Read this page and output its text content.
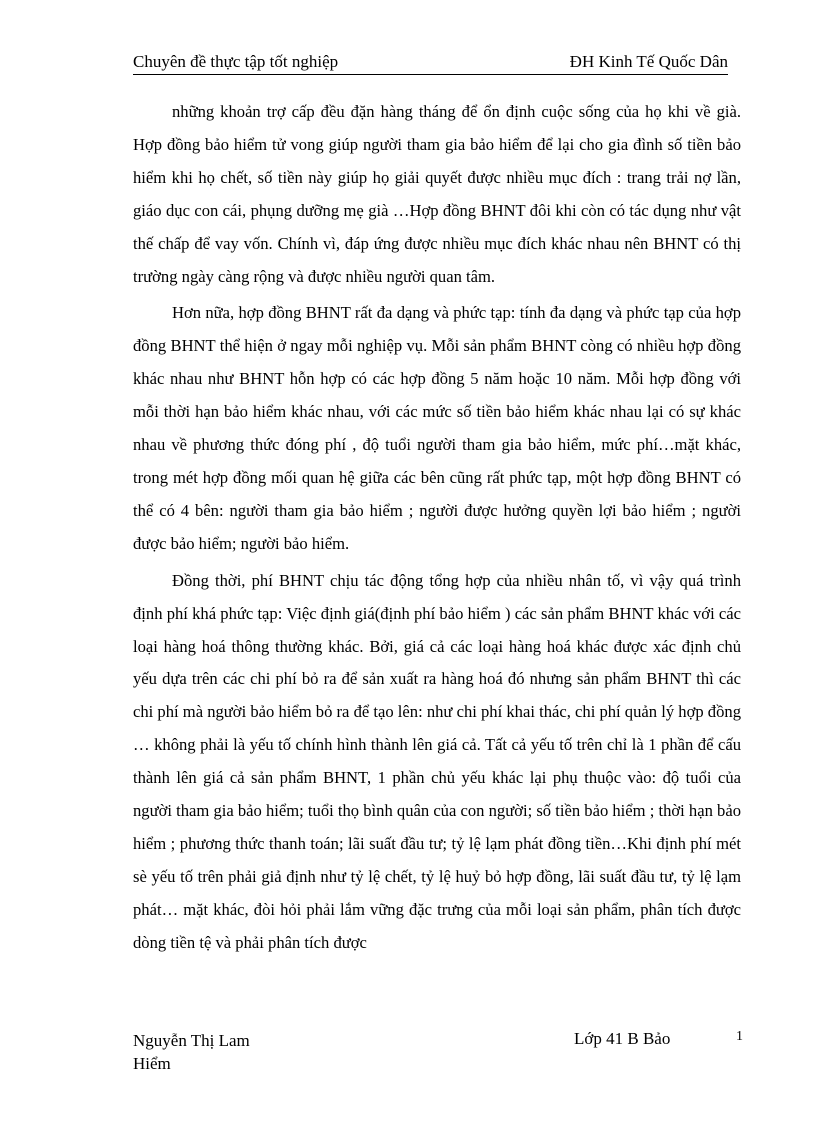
Chuyên đề thực tập tốt nghiệp	ĐH Kinh Tế Quốc Dân

những khoản trợ cấp đều đặn hàng tháng để ổn định cuộc sống của họ khi về già. Hợp đồng bảo hiểm tử vong giúp người tham gia bảo hiểm để lại cho gia đình số tiền bảo hiểm khi họ chết, số tiền này giúp họ giải quyết được nhiều mục đích : trang trải nợ lần, giáo dục con cái, phụng dưỡng mẹ già …Hợp đồng BHNT đôi khi còn có tác dụng như vật thế chấp để vay vốn. Chính vì, đáp ứng được nhiều mục đích khác nhau nên BHNT có thị trường ngày càng rộng và được nhiều người quan tâm.

Hơn nữa, hợp đồng BHNT rất đa dạng và phức tạp: tính đa dạng và phức tạp của hợp đồng BHNT thể hiện ở ngay mỗi nghiệp vụ. Mỗi sản phẩm BHNT còng có nhiều hợp đồng khác nhau như BHNT hỗn hợp có các hợp đồng 5 năm hoặc 10 năm. Mỗi hợp đồng với mỗi thời hạn bảo hiểm khác nhau, với các mức số tiền bảo hiểm khác nhau lại có sự khác nhau về phương thức đóng phí , độ tuổi người tham gia bảo hiểm, mức phí…mặt khác, trong mét hợp đồng mối quan hệ giữa các bên cũng rất phức tạp, một hợp đồng BHNT có thể có 4 bên: người tham gia bảo hiểm ; người được hưởng quyền lợi bảo hiểm ; người được bảo hiểm; người bảo hiểm.

Đồng thời, phí BHNT chịu tác động tổng hợp của nhiều nhân tố, vì vậy quá trình định phí khá phức tạp: Việc định giá(định phí bảo hiểm ) các sản phẩm BHNT khác với các loại hàng hoá thông thường khác. Bởi, giá cả các loại hàng hoá khác được xác định chủ yếu dựa trên các chi phí bỏ ra để sản xuất ra hàng hoá đó nhưng sản phẩm BHNT thì các chi phí mà người bảo hiểm bỏ ra để tạo lên: như chi phí khai thác, chi phí quản lý hợp đồng … không phải là yếu tố chính hình thành lên giá cả. Tất cả yếu tố trên chỉ là 1 phần để cấu thành lên giá cả sản phẩm BHNT, 1 phần chủ yếu khác lại phụ thuộc vào: độ tuổi của người tham gia bảo hiểm; tuổi thọ bình quân của con người; số tiền bảo hiểm ; thời hạn bảo hiểm ; phương thức thanh toán; lãi suất đầu tư; tỷ lệ lạm phát đồng tiền…Khi định phí mét sè yếu tố trên phải giả định như tỷ lệ chết, tỷ lệ huỷ bỏ hợp đồng, lãi suất đầu tư, tỷ lệ lạm phát… mặt khác, đòi hỏi phải lắm vững đặc trưng của mỗi loại sản phẩm, phân tích được dòng tiền tệ và phải phân tích được

Nguyễn Thị Lam Hiểm
Lớp 41 B Bảo	1
